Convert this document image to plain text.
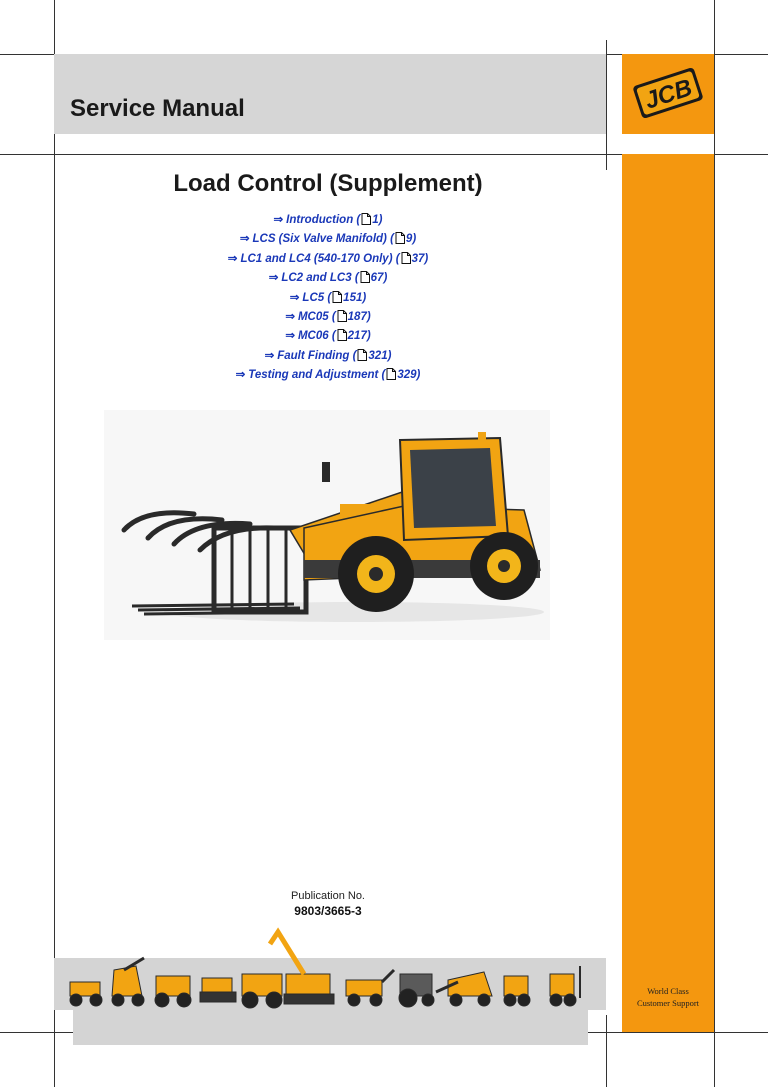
Service Manual	JCB
Load Control (Supplement)
⇒ Introduction ( 1)
⇒ LCS (Six Valve Manifold) ( 9)
⇒ LC1 and LC4 (540-170 Only) ( 37)
⇒ LC2 and LC3 ( 67)
⇒ LC5 ( 151)
⇒ MC05 ( 187)
⇒ MC06 ( 217)
⇒ Fault Finding ( 321)
⇒ Testing and Adjustment ( 329)
Publication No.
9803/3665-3
World Class
Customer Support
